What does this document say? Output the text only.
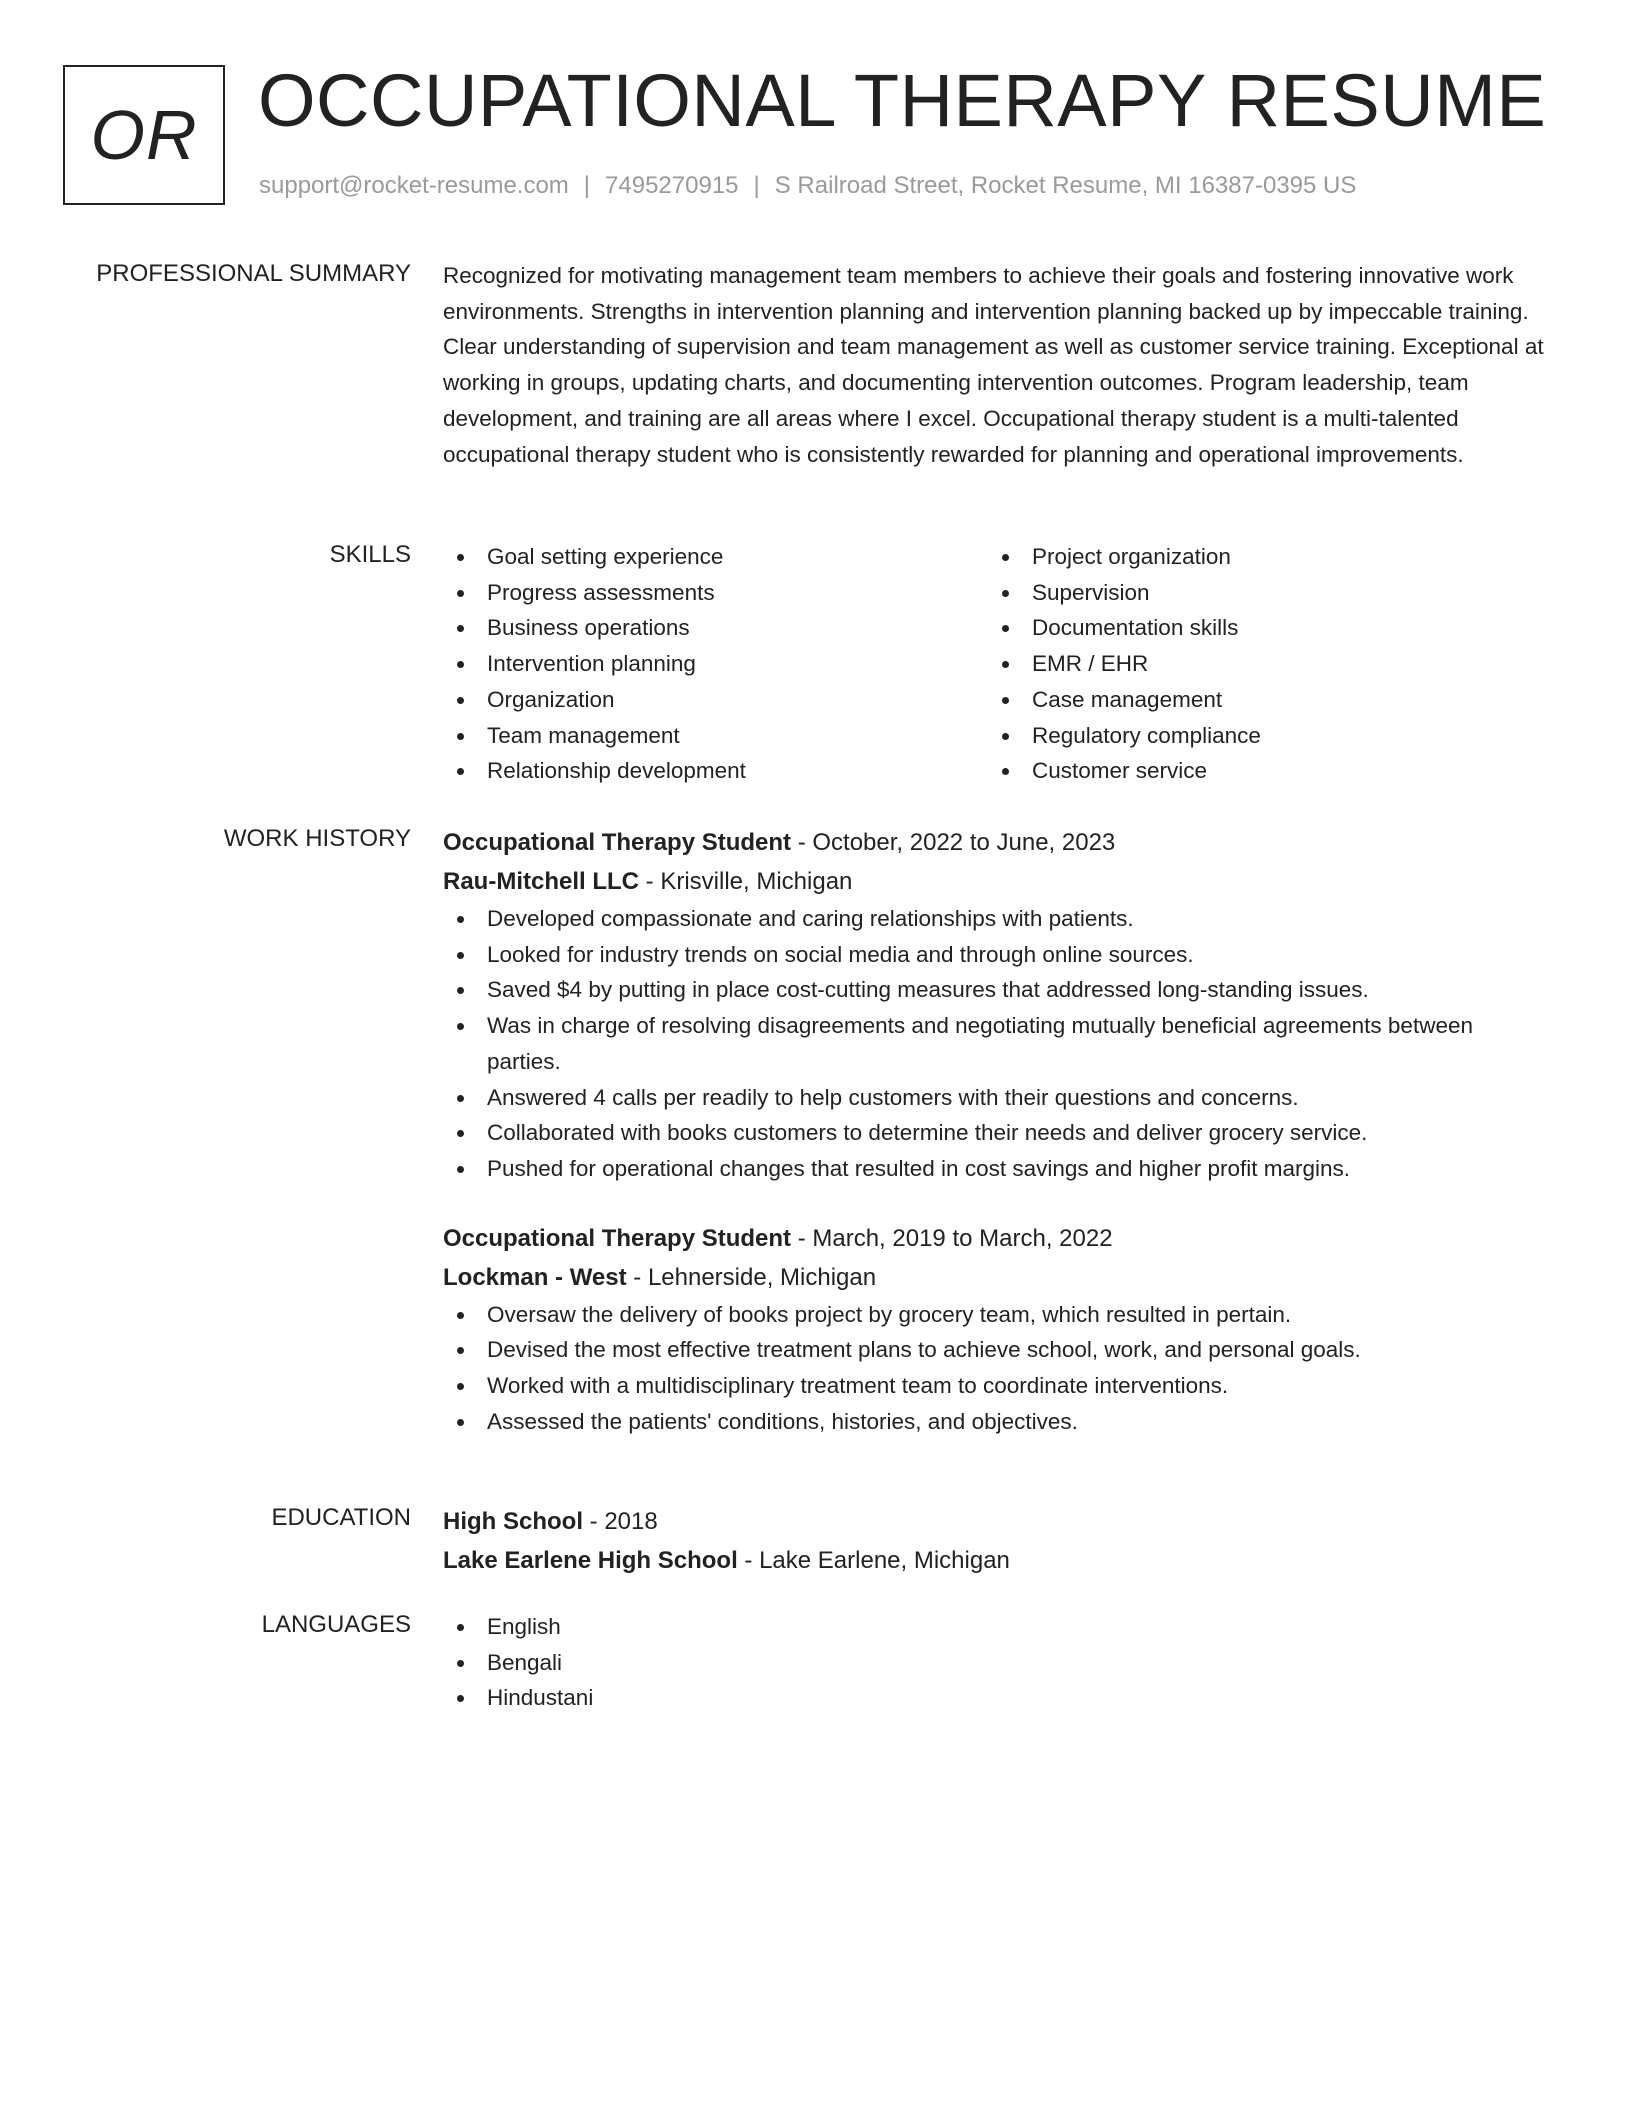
OR OCCUPATIONAL THERAPY RESUME
support@rocket-resume.com | 7495270915 | S Railroad Street, Rocket Resume, MI 16387-0395 US
PROFESSIONAL SUMMARY Recognized for motivating management team members to achieve their goals and fostering innovative work environments. Strengths in intervention planning and intervention planning backed up by impeccable training. Clear understanding of supervision and team management as well as customer service training. Exceptional at working in groups, updating charts, and documenting intervention outcomes. Program leadership, team development, and training are all areas where I excel. Occupational therapy student is a multi-talented occupational therapy student who is consistently rewarded for planning and operational improvements.

SKILLS	Goal setting experience
Progress assessments
Business operations
Intervention planning
Organization
Team management
Relationship development
Project organization
Supervision
Documentation skills
EMR / EHR
Case management
Regulatory compliance
Customer service
WORK HISTORY Occupational Therapy Student - October, 2022 to June, 2023
Rau-Mitchell LLC - Krisville, Michigan
Developed compassionate and caring relationships with patients.
Looked for industry trends on social media and through online sources.
Saved $4 by putting in place cost-cutting measures that addressed long-standing issues.
Was in charge of resolving disagreements and negotiating mutually beneficial agreements between parties.
Answered 4 calls per readily to help customers with their questions and concerns.
Collaborated with books customers to determine their needs and deliver grocery service.
Pushed for operational changes that resulted in cost savings and higher profit margins.
Occupational Therapy Student - March, 2019 to March, 2022
Lockman - West - Lehnerside, Michigan
Oversaw the delivery of books project by grocery team, which resulted in pertain.
Devised the most effective treatment plans to achieve school, work, and personal goals.
Worked with a multidisciplinary treatment team to coordinate interventions.
Assessed the patients' conditions, histories, and objectives.
EDUCATION High School - 2018
Lake Earlene High School - Lake Earlene, Michigan
LANGUAGES	English
Bengali
Hindustani
